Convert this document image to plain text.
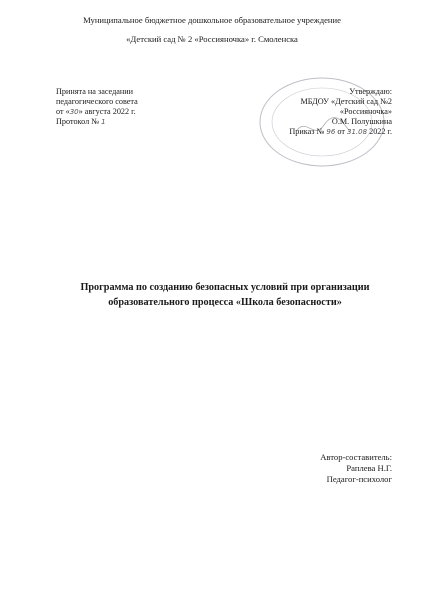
Муниципальное бюджетное дошкольное образовательное учреждение
«Детский сад № 2 «Россияночка» г. Смоленска
Принята на заседании
педагогического совета
от «30» августа 2022 г.
Протокол № 1
Утверждаю:
МБДОУ «Детский сад №2
«Россияночка»
О.М. Полушкина
Приказ № 96 от 31.08 2022 г.
Программа по созданию безопасных условий при организации
образовательного процесса «Школа безопасности»
Автор-составитель:
Раплева Н.Г.
Педагог-психолог
